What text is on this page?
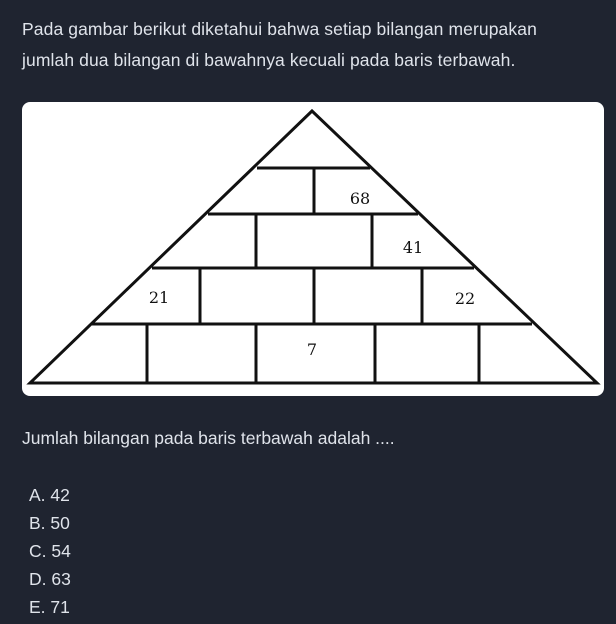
Pada gambar berikut diketahui bahwa setiap bilangan merupakan
jumlah dua bilangan di bawahnya kecuali pada baris terbawah.
68
41
21	22
7
Jumlah bilangan pada baris terbawah adalah ....
A. 42
B. 50
C. 54
D. 63
E. 71
